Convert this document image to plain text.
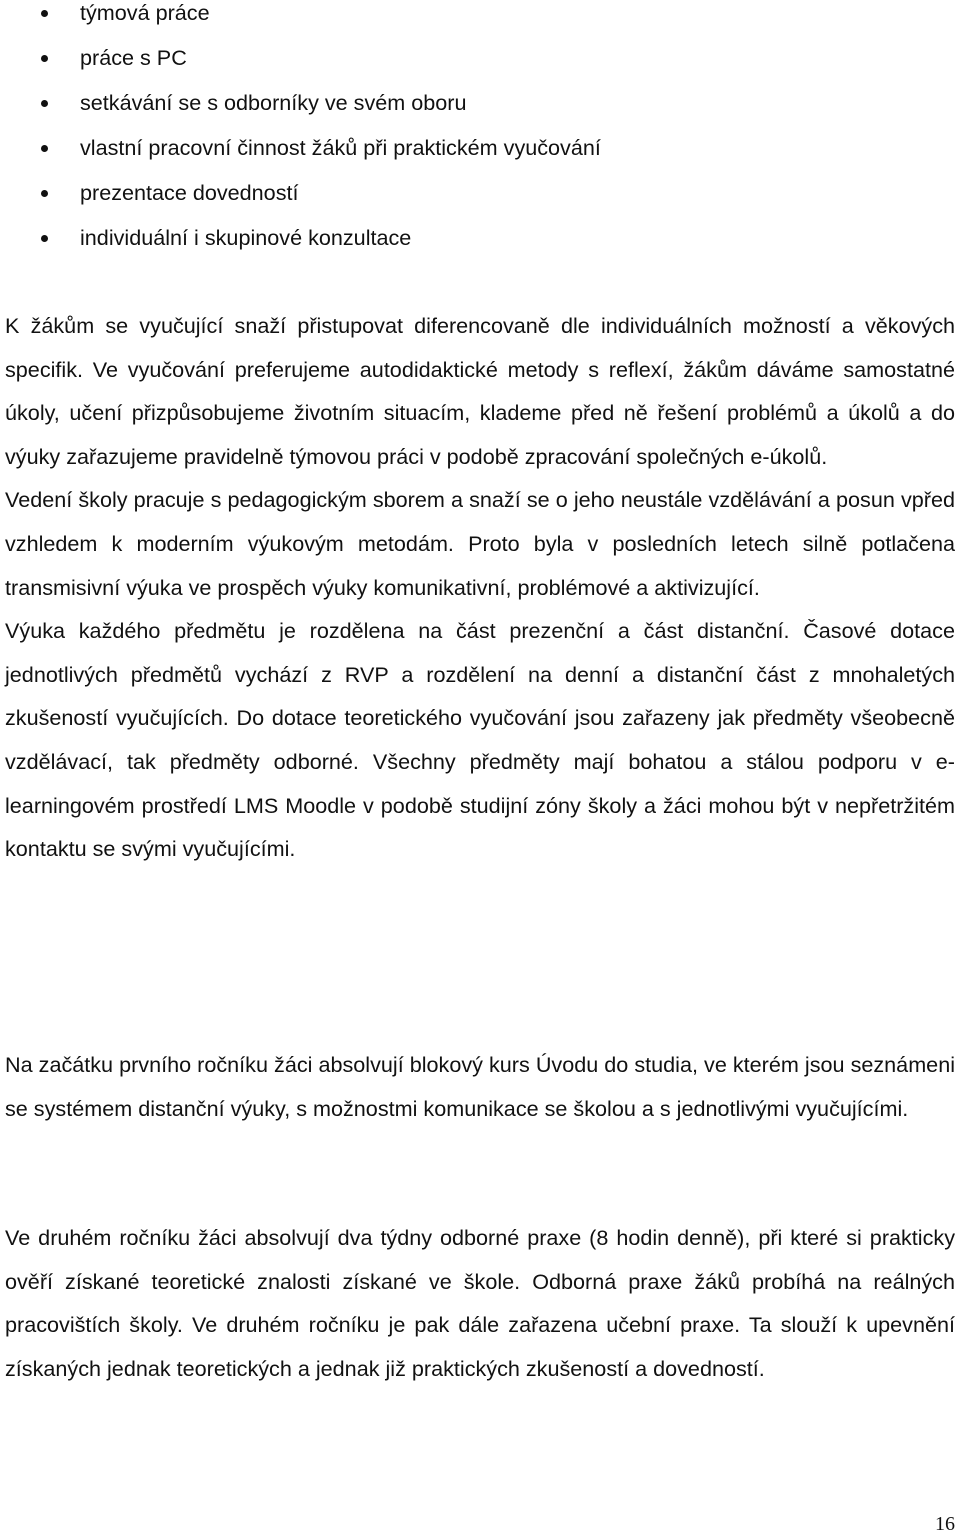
týmová práce
práce s PC
setkávání se s odborníky ve svém oboru
vlastní pracovní činnost žáků při praktickém vyučování
prezentace dovedností
individuální i skupinové konzultace

K žákům se vyučující snaží přistupovat diferencovaně dle individuálních možností a věkových specifik. Ve vyučování preferujeme autodidaktické metody s reflexí, žákům dáváme samostatné úkoly, učení přizpůsobujeme životním situacím, klademe před ně řešení problémů a úkolů a do výuky zařazujeme pravidelně týmovou práci v podobě zpracování společných e-úkolů.

Vedení školy pracuje s pedagogickým sborem a snaží se o jeho neustále vzdělávání a posun vpřed vzhledem k moderním výukovým metodám. Proto byla v posledních letech silně potlačena transmisivní výuka ve prospěch výuky komunikativní, problémové a aktivizující.

Výuka každého předmětu je rozdělena na část prezenční a část distanční. Časové dotace jednotlivých předmětů vychází z RVP a rozdělení na denní a distanční část z mnohaletých zkušeností vyučujících. Do dotace teoretického vyučování jsou zařazeny jak předměty všeobecně vzdělávací, tak předměty odborné. Všechny předměty mají bohatou a stálou podporu v e-learningovém prostředí LMS Moodle v podobě studijní zóny školy a žáci mohou být v nepřetržitém kontaktu se svými vyučujícími.

Na začátku prvního ročníku žáci absolvují blokový kurs Úvodu do studia, ve kterém jsou seznámeni se systémem distanční výuky, s možnostmi komunikace se školou a s jednotlivými vyučujícími.

Ve druhém ročníku žáci absolvují dva týdny odborné praxe (8 hodin denně), při které si prakticky ověří získané teoretické znalosti získané ve škole. Odborná praxe žáků probíhá na reálných pracovištích školy. Ve druhém ročníku je pak dále zařazena učební praxe. Ta slouží k upevnění získaných jednak teoretických a jednak již praktických zkušeností a dovedností.

16
